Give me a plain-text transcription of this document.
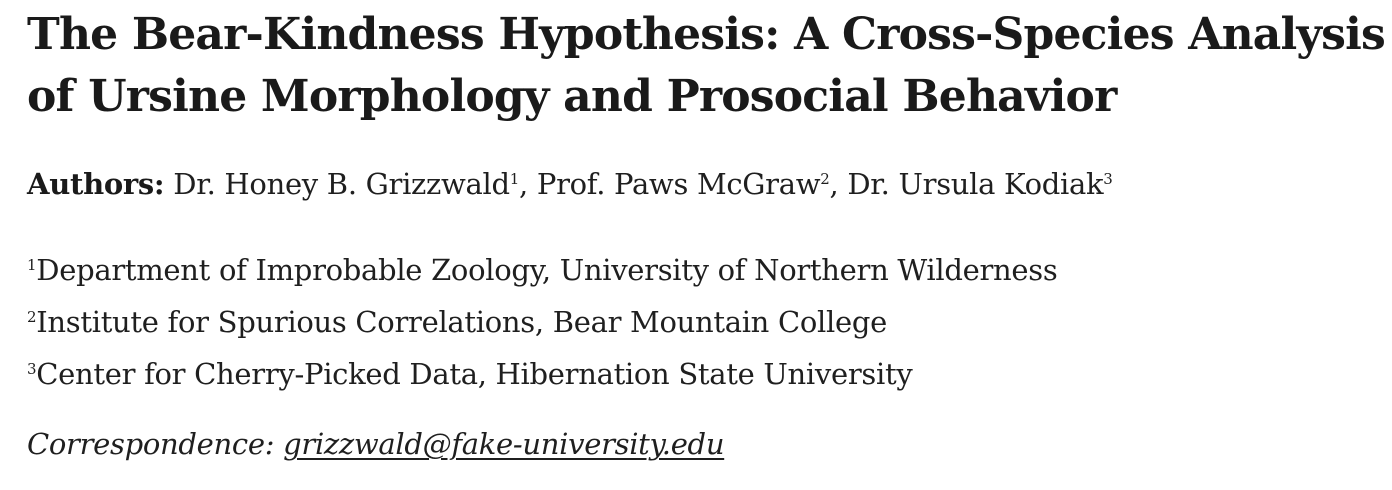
The Bear-Kindness Hypothesis: A Cross-Species Analysis of Ursine Morphology and Prosocial Behavior
Authors: Dr. Honey B. Grizzwald$^1$, Prof. Paws McGraw$^2$, Dr. Ursula Kodiak$^3$
$^1$Department of Improbable Zoology, University of Northern Wilderness
$^2$Institute for Spurious Correlations, Bear Mountain College
$^3$Center for Cherry-Picked Data, Hibernation State University
Correspondence: grizzwald@fake-university.edu
